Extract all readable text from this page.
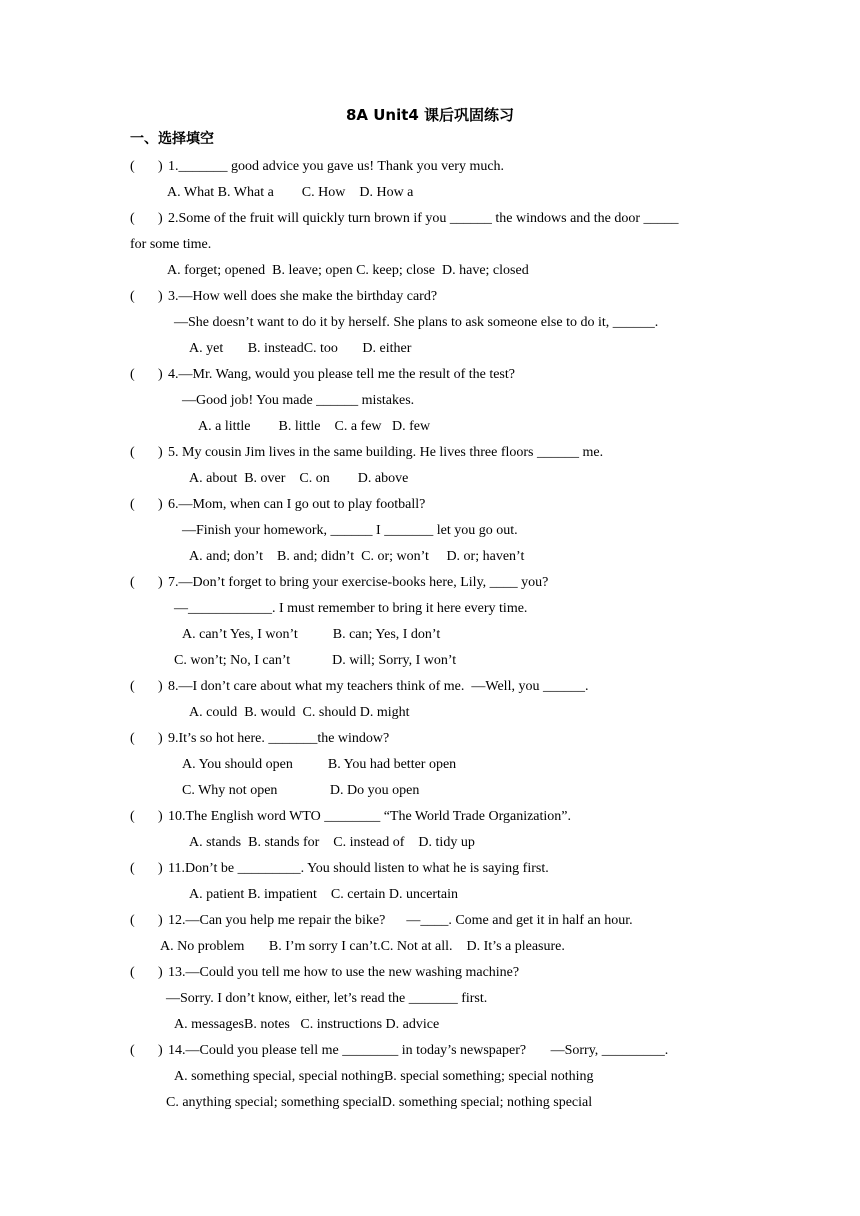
8A Unit4 课后巩固练习
一、选择填空
( ) 1._______ good advice you gave us! Thank you very much.
A. What B. What a        C. How    D. How a
( ) 2.Some of the fruit will quickly turn brown if you ______ the windows and the door _____
for some time.
A. forget; opened  B. leave; open C. keep; close  D. have; closed
( ) 3.—How well does she make the birthday card?
—She doesn’t want to do it by herself. She plans to ask someone else to do it, ______.
A. yet       B. insteadC. too       D. either
( ) 4.—Mr. Wang, would you please tell me the result of the test?
—Good job! You made ______ mistakes.
A. a little        B. little    C. a few   D. few
( ) 5. My cousin Jim lives in the same building. He lives three floors ______ me.
A. about  B. over    C. on        D. above
( ) 6.—Mom, when can I go out to play football?
—Finish your homework, ______ I _______ let you go out.
A. and; don’t    B. and; didn’t  C. or; won’t     D. or; haven’t
( ) 7.—Don’t forget to bring your exercise-books here, Lily, ____ you?
—____________. I must remember to bring it here every time.
A. can’t Yes, I won’t          B. can; Yes, I don’t
C. won’t; No, I can’t            D. will; Sorry, I won’t
( ) 8.—I don’t care about what my teachers think of me.  —Well, you ______.
A. could  B. would  C. should D. might
( ) 9.It’s so hot here. _______the window?
A. You should open          B. You had better open
C. Why not open               D. Do you open
( ) 10.The English word WTO ________ “The World Trade Organization”.
A. stands  B. stands for    C. instead of    D. tidy up
( ) 11.Don’t be _________. You should listen to what he is saying first.
A. patient B. impatient    C. certain D. uncertain
( ) 12.—Can you help me repair the bike?      —____. Come and get it in half an hour.
A. No problem       B. I’m sorry I can’t.C. Not at all.    D. It’s a pleasure.
( ) 13.—Could you tell me how to use the new washing machine?
—Sorry. I don’t know, either, let’s read the _______ first.
A. messagesB. notes   C. instructions D. advice
( ) 14.—Could you please tell me ________ in today’s newspaper?       —Sorry, _________.
A. something special, special nothingB. special something; special nothing
C. anything special; something specialD. something special; nothing special
